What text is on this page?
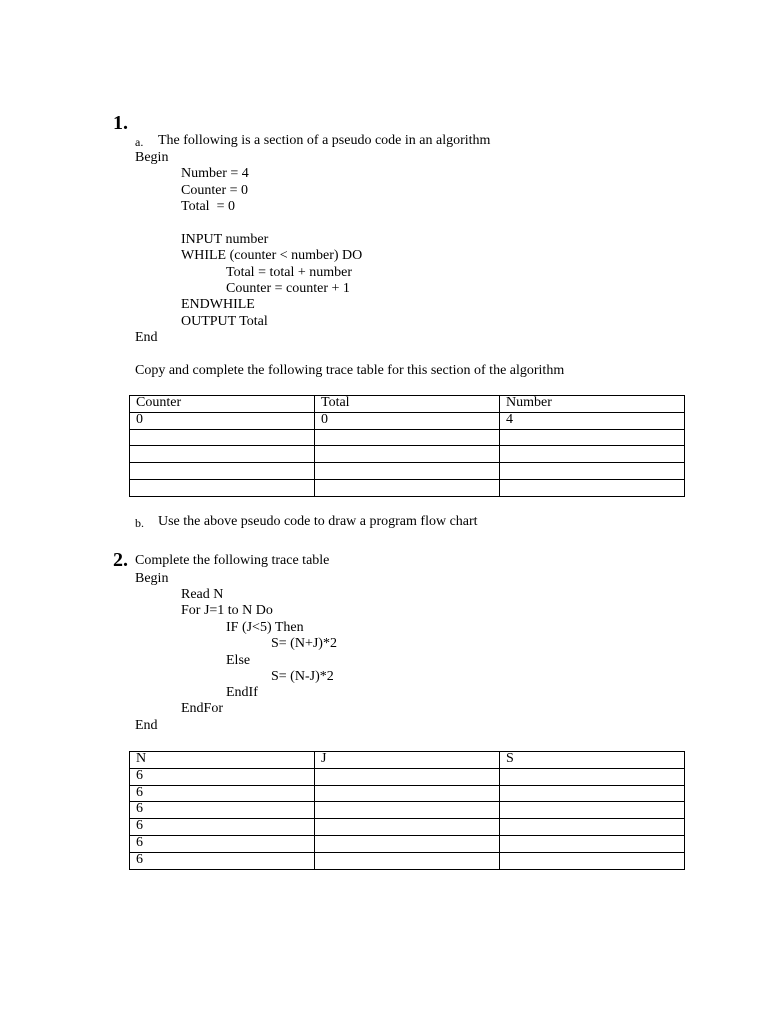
1.
a. The following is a section of a pseudo code in an algorithm
Begin
Number = 4
Counter = 0
Total  = 0
INPUT number
WHILE (counter < number) DO
Total = total + number
Counter = counter + 1
ENDWHILE
OUTPUT Total
End
Copy and complete the following trace table for this section of the algorithm
Counter	Total	Number
0	0	4

b. Use the above pseudo code to draw a program flow chart
2. Complete the following trace table
Begin
Read N
For J=1 to N Do
IF (J<5) Then
S= (N+J)*2
Else
S= (N-J)*2
EndIf
EndFor
End
N	J	S
6		
6		
6		
6		
6		
6		
